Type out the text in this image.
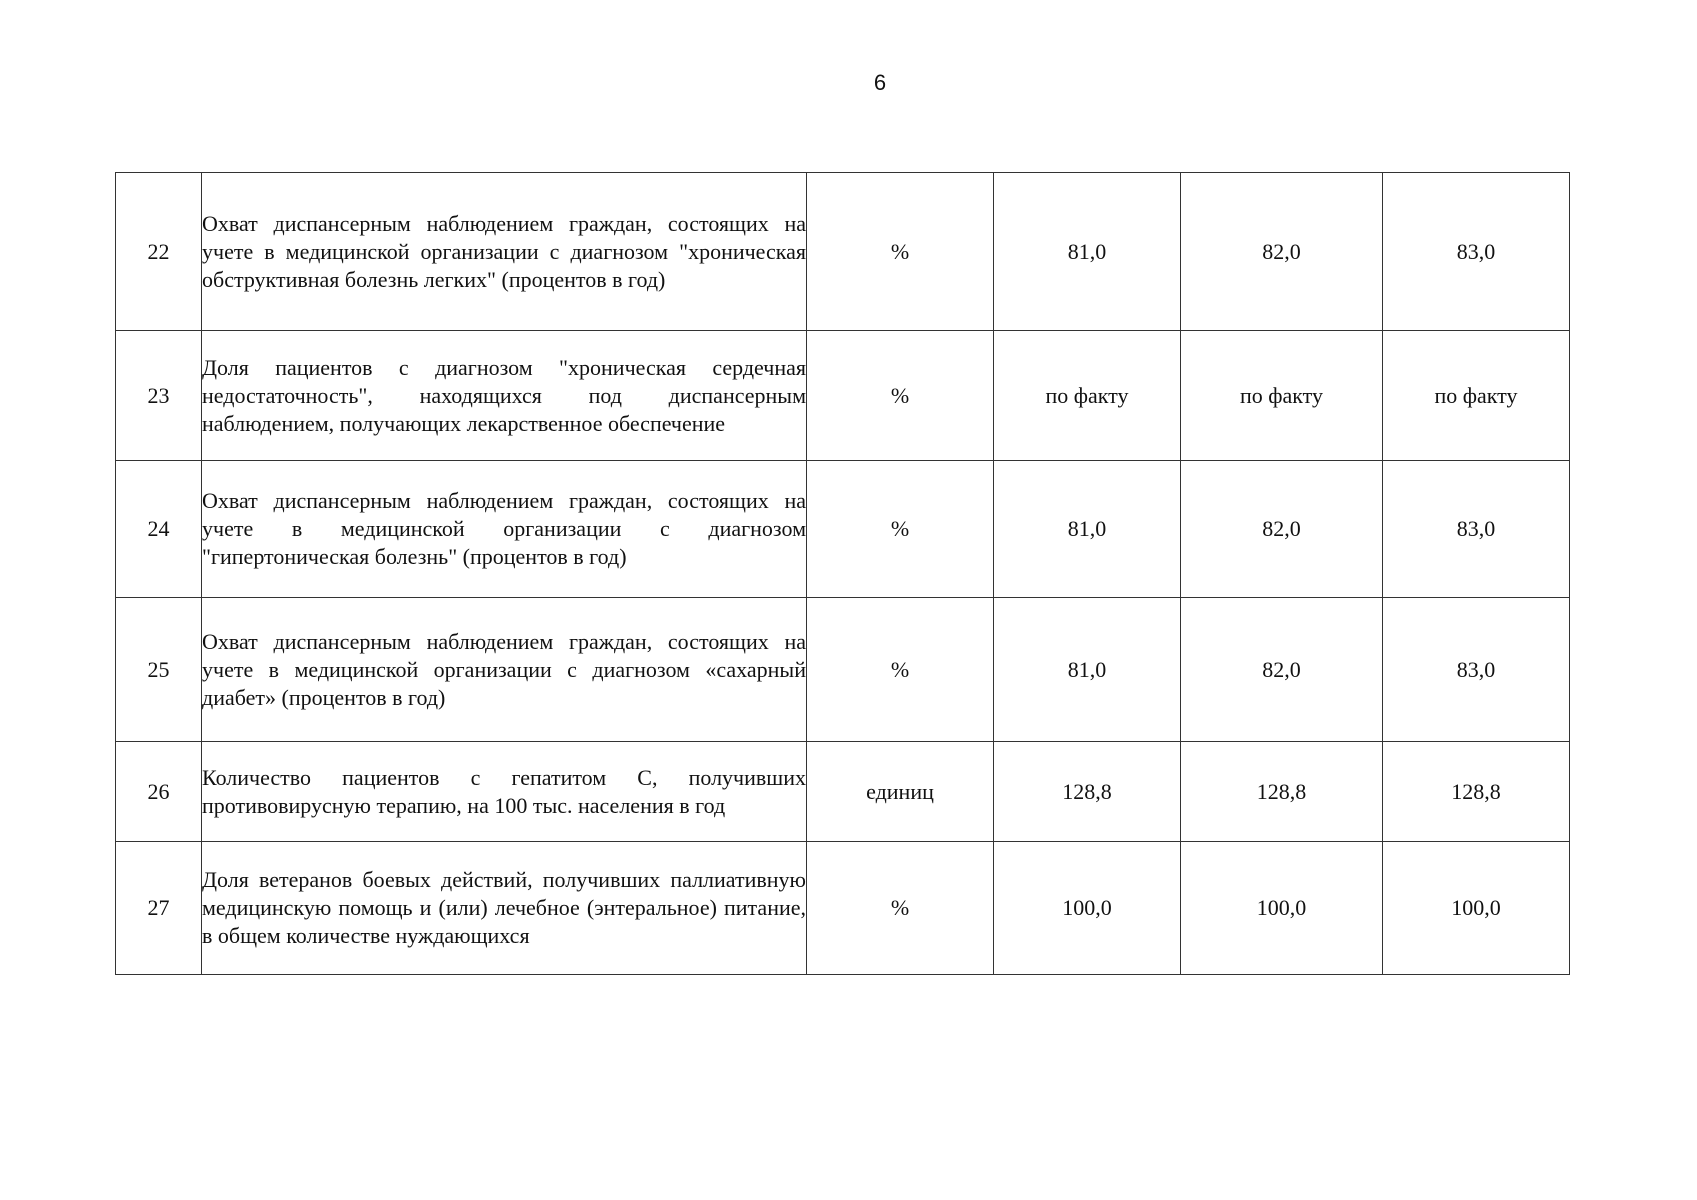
6
22	Охват диспансерным наблюдением граждан, состоящих на учете в медицинской организации с диагнозом "хроническая обструктивная болезнь легких" (процентов в год)	%	81,0	82,0	83,0
23	Доля пациентов с диагнозом "хроническая сердечная недостаточность", находящихся под диспансерным наблюдением, получающих лекарственное обеспечение	%	по факту	по факту	по факту
24	Охват диспансерным наблюдением граждан, состоящих на учете в медицинской организации с диагнозом "гипертоническая болезнь" (процентов в год)	%	81,0	82,0	83,0
25	Охват диспансерным наблюдением граждан, состоящих на учете в медицинской организации с диагнозом «сахарный диабет» (процентов в год)	%	81,0	82,0	83,0
26	Количество пациентов с гепатитом С, получивших противовирусную терапию, на 100 тыс. населения в год	единиц	128,8	128,8	128,8
27	Доля ветеранов боевых действий, получивших паллиативную медицинскую помощь и (или) лечебное (энтеральное) питание, в общем количестве нуждающихся	%	100,0	100,0	100,0
